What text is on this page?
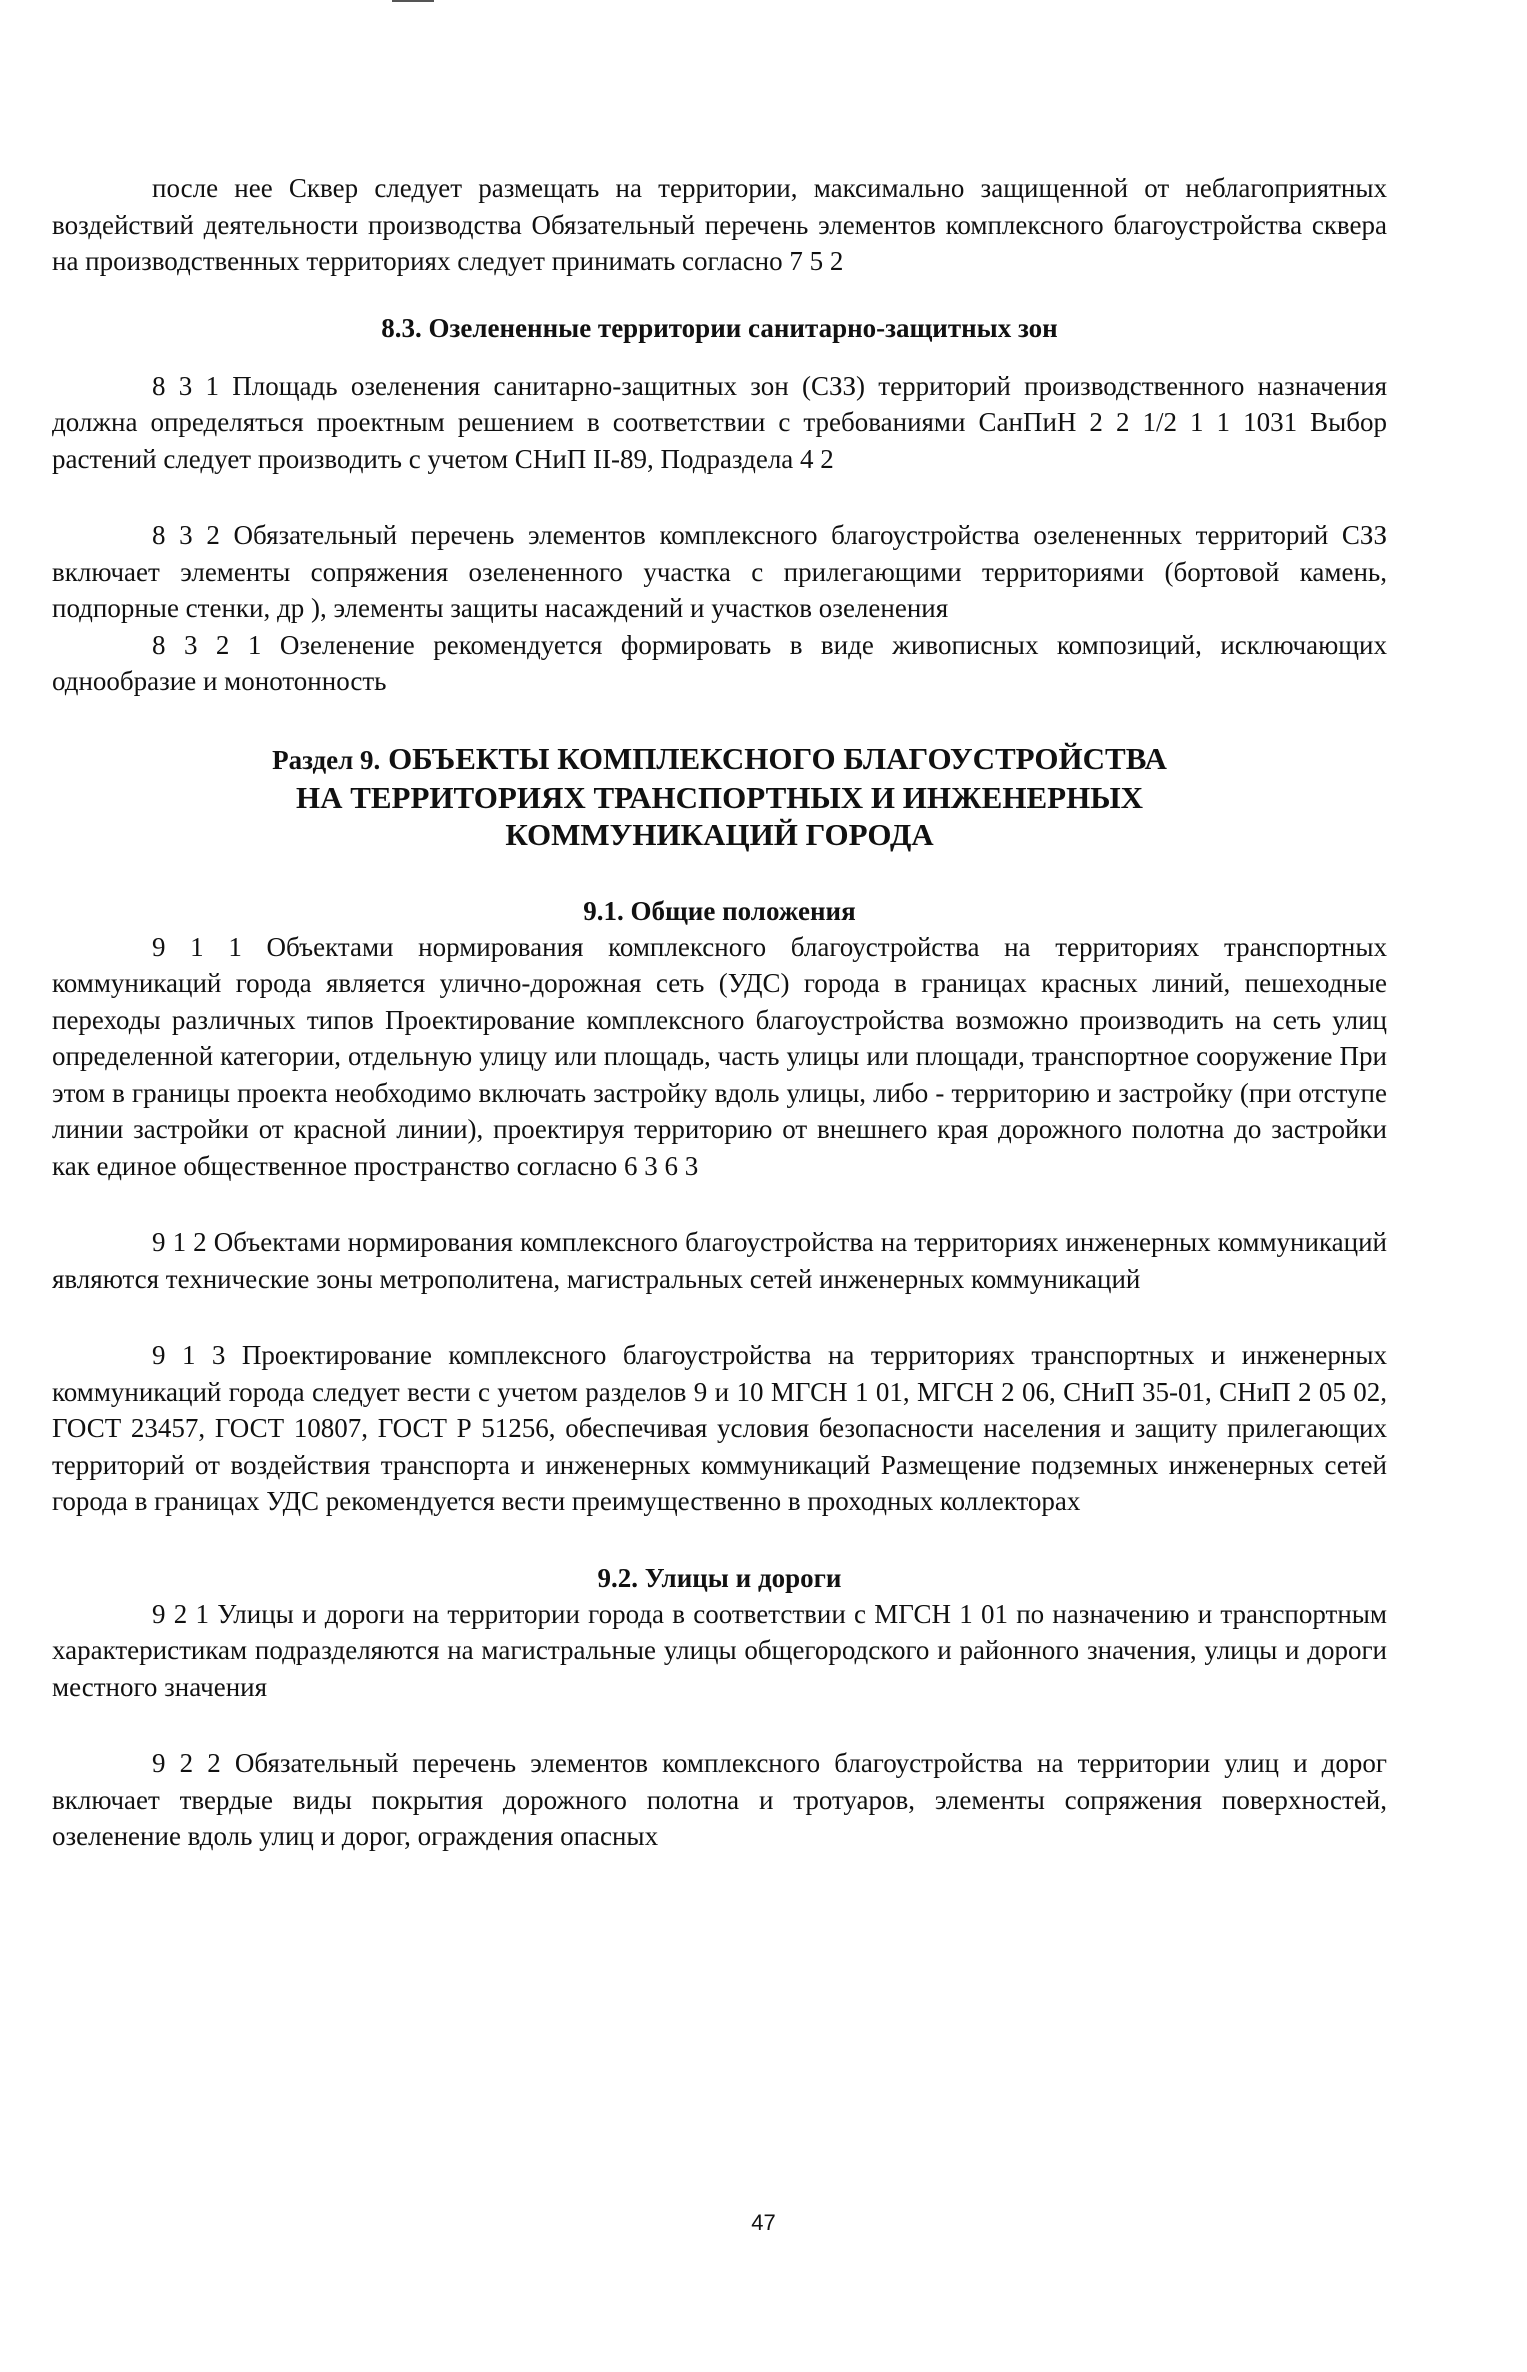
после нее Сквер следует размещать на территории, максимально защищенной от неблагоприятных воздействий деятельности производства Обязательный перечень элементов комплексного благоустройства сквера на производственных территориях следует принимать согласно 7 5 2

8.3. Озелененные территории санитарно-защитных зон

8 3 1 Площадь озеленения санитарно-защитных зон (СЗЗ) территорий производственного назначения должна определяться проектным решением в соответствии с требованиями СанПиН 2 2 1/2 1 1 1031 Выбор растений следует производить с учетом СНиП II-89, Подраздела 4 2

8 3 2 Обязательный перечень элементов комплексного благоустройства озелененных территорий СЗЗ включает элементы сопряжения озелененного участка с прилегающими территориями (бортовой камень, подпорные стенки, др ), элементы защиты насаждений и участков озеленения

8 3 2 1 Озеленение рекомендуется формировать в виде живописных композиций, исключающих однообразие и монотонность

Раздел 9. ОБЪЕКТЫ КОМПЛЕКСНОГО БЛАГОУСТРОЙСТВА
НА ТЕРРИТОРИЯХ ТРАНСПОРТНЫХ И ИНЖЕНЕРНЫХ
КОММУНИКАЦИЙ ГОРОДА
9.1. Общие положения

9 1 1 Объектами нормирования комплексного благоустройства на территориях транспортных коммуникаций города является улично-дорожная сеть (УДС) города в границах красных линий, пешеходные переходы различных типов Проектирование комплексного благоустройства возможно производить на сеть улиц определенной категории, отдельную улицу или площадь, часть улицы или площади, транспортное сооружение При этом в границы проекта необходимо включать застройку вдоль улицы, либо - территорию и застройку (при отступе линии застройки от красной линии), проектируя территорию от внешнего края дорожного полотна до застройки как единое общественное пространство согласно 6 3 6 3

9 1 2 Объектами нормирования комплексного благоустройства на территориях инженерных коммуникаций являются технические зоны метрополитена, магистральных сетей инженерных коммуникаций

9 1 3 Проектирование комплексного благоустройства на территориях транспортных и инженерных коммуникаций города следует вести с учетом разделов 9 и 10 МГСН 1 01, МГСН 2 06, СНиП 35-01, СНиП 2 05 02, ГОСТ 23457, ГОСТ 10807, ГОСТ Р 51256, обеспечивая условия безопасности населения и защиту прилегающих территорий от воздействия транспорта и инженерных коммуникаций Размещение подземных инженерных сетей города в границах УДС рекомендуется вести преимущественно в проходных коллекторах

9.2. Улицы и дороги

9 2 1 Улицы и дороги на территории города в соответствии с МГСН 1 01 по назначению и транспортным характеристикам подразделяются на магистральные улицы общегородского и районного значения, улицы и дороги местного значения

9 2 2 Обязательный перечень элементов комплексного благоустройства на территории улиц и дорог включает твердые виды покрытия дорожного полотна и тротуаров, элементы сопряжения поверхностей, озеленение вдоль улиц и дорог, ограждения опасных

47
